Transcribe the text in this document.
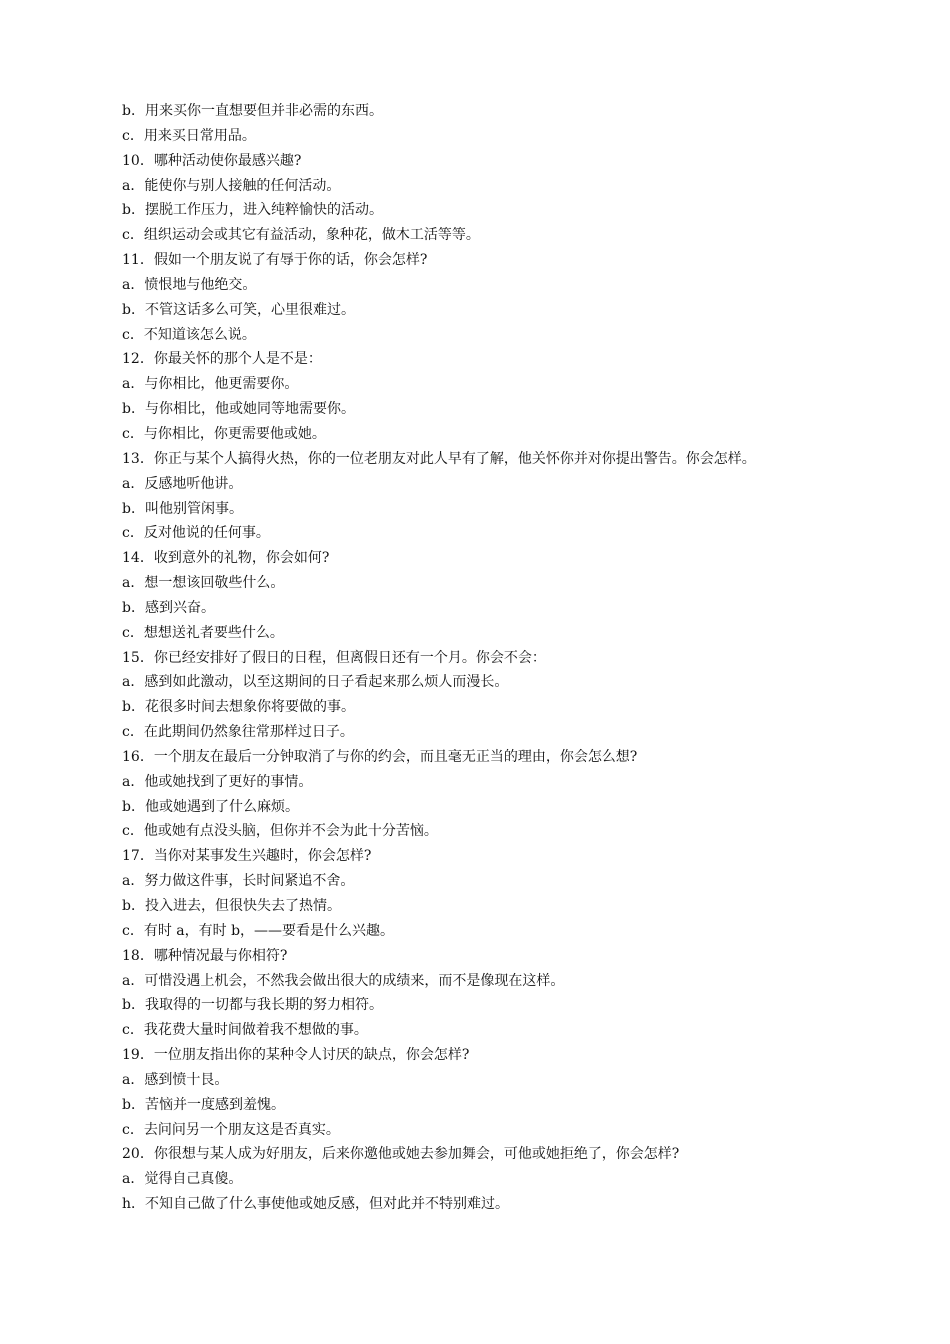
b．用来买你一直想要但并非必需的东西。
c．用来买日常用品。
10．哪种活动使你最感兴趣?
a．能使你与别人接触的任何活动。
b．摆脱工作压力，进入纯粹愉快的活动。
c．组织运动会或其它有益活动，象种花，做木工活等等。
11．假如一个朋友说了有辱于你的话，你会怎样?
a．愤恨地与他绝交。
b．不管这话多么可笑，心里很难过。
c．不知道该怎么说。
12．你最关怀的那个人是不是：
a．与你相比，他更需要你。
b．与你相比，他或她同等地需要你。
c．与你相比，你更需要他或她。
13．你正与某个人搞得火热，你的一位老朋友对此人早有了解，他关怀你并对你提出警告。你会怎样。
a．反感地听他讲。
b．叫他别管闲事。
c．反对他说的任何事。
14．收到意外的礼物，你会如何?
a．想一想该回敬些什么。
b．感到兴奋。
c．想想送礼者要些什么。
15．你已经安排好了假日的日程，但离假日还有一个月。你会不会：
a．感到如此激动，以至这期间的日子看起来那么烦人而漫长。
b．花很多时间去想象你将要做的事。
c．在此期间仍然象往常那样过日子。
16．一个朋友在最后一分钟取消了与你的约会，而且毫无正当的理由，你会怎么想?
a．他或她找到了更好的事情。
b．他或她遇到了什么麻烦。
c．他或她有点没头脑，但你并不会为此十分苦恼。
17．当你对某事发生兴趣时，你会怎样?
a．努力做这件事，长时间紧追不舍。
b．投入进去，但很快失去了热情。
c．有时 a，有时 b，——要看是什么兴趣。
18．哪种情况最与你相符?
a．可惜没遇上机会，不然我会做出很大的成绩来，而不是像现在这样。
b．我取得的一切都与我长期的努力相符。
c．我花费大量时间做着我不想做的事。
19．一位朋友指出你的某种令人讨厌的缺点，你会怎样?
a．感到愤十艮。
b．苦恼并一度感到羞愧。
c．去问问另一个朋友这是否真实。
20．你很想与某人成为好朋友，后来你邀他或她去参加舞会，可他或她拒绝了，你会怎样?
a．觉得自己真傻。
h．不知自己做了什么事使他或她反感，但对此并不特别难过。
